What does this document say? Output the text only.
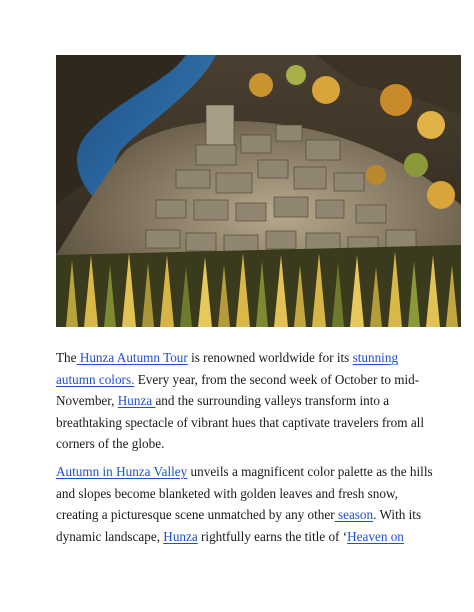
The Hunza Autumn Tour is renowned worldwide for its stunning
autumn colors. Every year, from the second week of October to mid-
November, Hunza and the surrounding valleys transform into a
breathtaking spectacle of vibrant hues that captivate travelers from all
corners of the globe.

Autumn in Hunza Valley unveils a magnificent color palette as the hills
and slopes become blanketed with golden leaves and fresh snow,
creating a picturesque scene unmatched by any other season. With its
dynamic landscape, Hunza rightfully earns the title of ‘Heaven on
